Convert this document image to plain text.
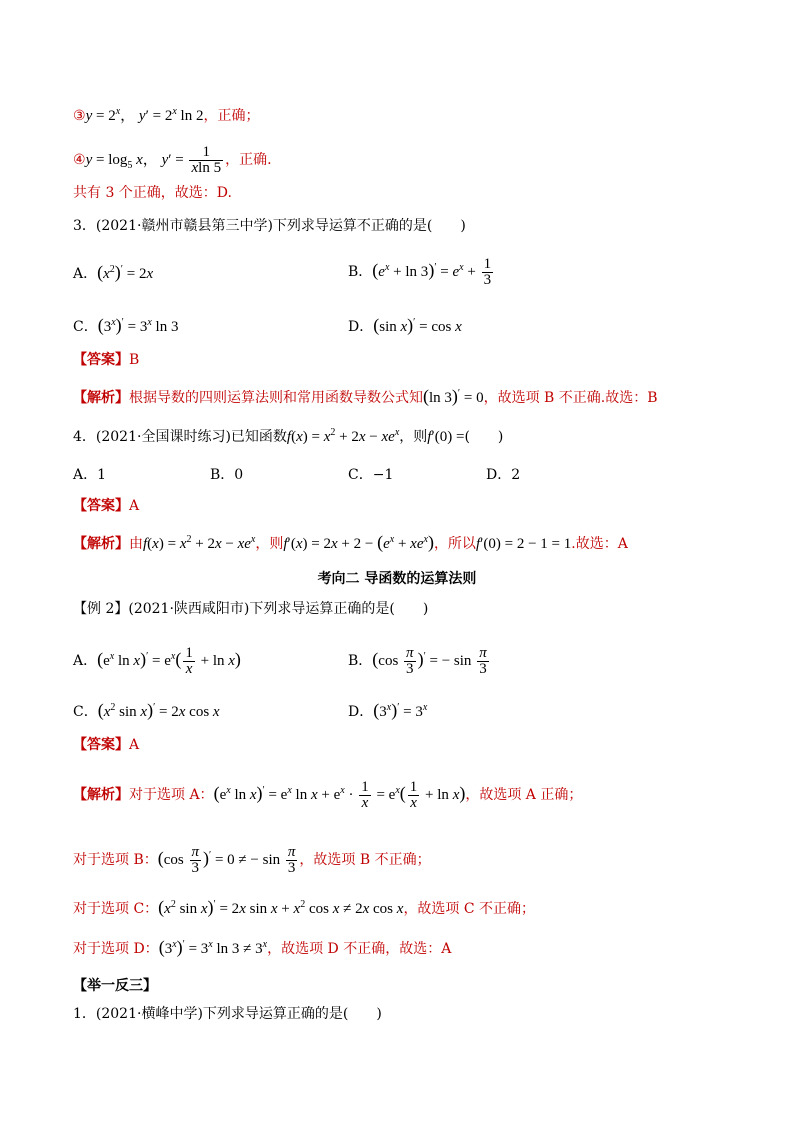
③y = $2^x$， $y' = 2^x$ ln 2，正确；
④y = $\log_5 x$， $y' = \frac{1}{xln 5}$ ，正确.
共有 3 个正确，故选：D.
3．(2021·赣州市赣县第三中学)下列求导运算不正确的是(　　)
A．$(x^2)' = 2x$	B．$(e^x + \ln 3)' = e^x + \frac{1}{3}$
C．$(3^x)' = 3^x$ ln 3	D．(sin x)′ = cos x
【答案】B
【解析】根据导数的四则运算法则和常用函数导数公式知(ln 3)′ = 0，故选项 B 不正确.故选：B
4．(2021·全国课时练习)已知函数$f(x) = x^2 + 2x - xe^x$，则f′(0) =(　　)
A．1	B．0	C．−1	D．2
【答案】A
【解析】由$f(x) = x^2 + 2x - xe^x$，则$f'(x) = 2x + 2 - (e^x + xe^x)$，所以f′(0) = 2 − 1 = 1.故选：A
考向二 导函数的运算法则
【例 2】(2021·陕西咸阳市)下列求导运算正确的是(　　)
A．($e^x$ $\ln x)' = e^x( \frac{1}{x} + \ln x)$	B．$(\cos \frac{\pi}{3} )'$ = − $\sin \frac{\pi}{3}$
C．($x^2$ sin x)′ = 2x cos x	D．$(3^x)' = 3^x$
【答案】A
【解析】对于选项 A：($e^x$ $\ln x)' = e^x$ $\ln x + e^x \cdot \frac{1}{x} = e^x( \frac{1}{x} + \ln x)$，故选项 A 正确；
对于选项 B：$(\cos \frac{\pi}{3} )' = 0$ ≠ − $\sin \frac{\pi}{3}$ ，故选项 B 不正确；
对于选项 C：($x^2$ sin x)′ = 2x $\sin x + x^2$ cos x ≠ 2x cos x，故选项 C 不正确；
对于选项 D：$(3^x)' = 3^x$ $\ln 3 \ne 3^x$，故选项 D 不正确，故选：A
【举一反三】
1．(2021·横峰中学)下列求导运算正确的是(　　)
